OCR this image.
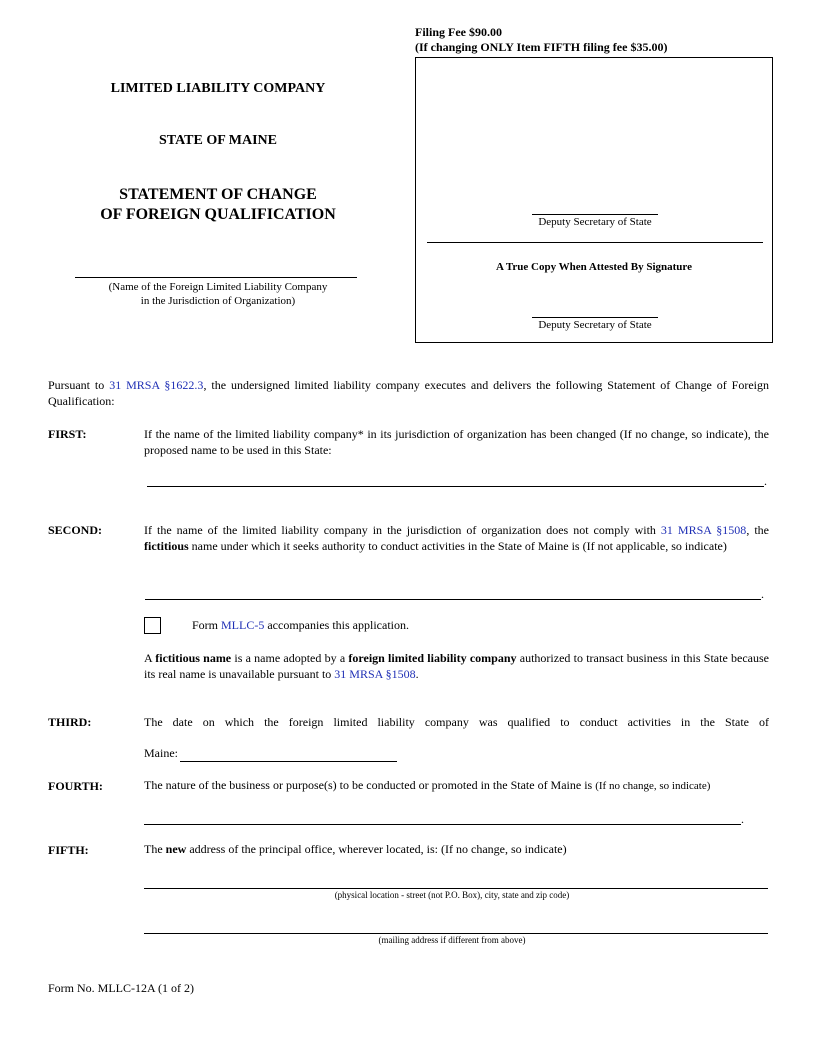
Filing Fee $90.00
(If changing ONLY Item FIFTH filing fee $35.00)
LIMITED LIABILITY COMPANY
STATE OF MAINE
STATEMENT OF CHANGE
OF FOREIGN QUALIFICATION
(Name of the Foreign Limited Liability Company
in the Jurisdiction of Organization)
Deputy Secretary of State
A True Copy When Attested By Signature
Deputy Secretary of State
Pursuant to 31 MRSA §1622.3, the undersigned limited liability company executes and delivers the following Statement of Change of Foreign Qualification:
FIRST:	If the name of the limited liability company* in its jurisdiction of organization has been changed (If no change, so indicate), the proposed name to be used in this State:
.
SECOND:	If the name of the limited liability company in the jurisdiction of organization does not comply with 31 MRSA §1508, the fictitious name under which it seeks authority to conduct activities in the State of Maine is (If not applicable, so indicate)
.
Form MLLC-5 accompanies this application.
A fictitious name is a name adopted by a foreign limited liability company authorized to transact business in this State because its real name is unavailable pursuant to 31 MRSA §1508.
THIRD:	The date on which the foreign limited liability company was qualified to conduct activities in the State of
Maine:
FOURTH:	The nature of the business or purpose(s) to be conducted or promoted in the State of Maine is (If no change, so indicate)
.
FIFTH:	The new address of the principal office, wherever located, is: (If no change, so indicate)
(physical location - street (not P.O. Box), city, state and zip code)
(mailing address if different from above)
Form No. MLLC-12A (1 of 2)
